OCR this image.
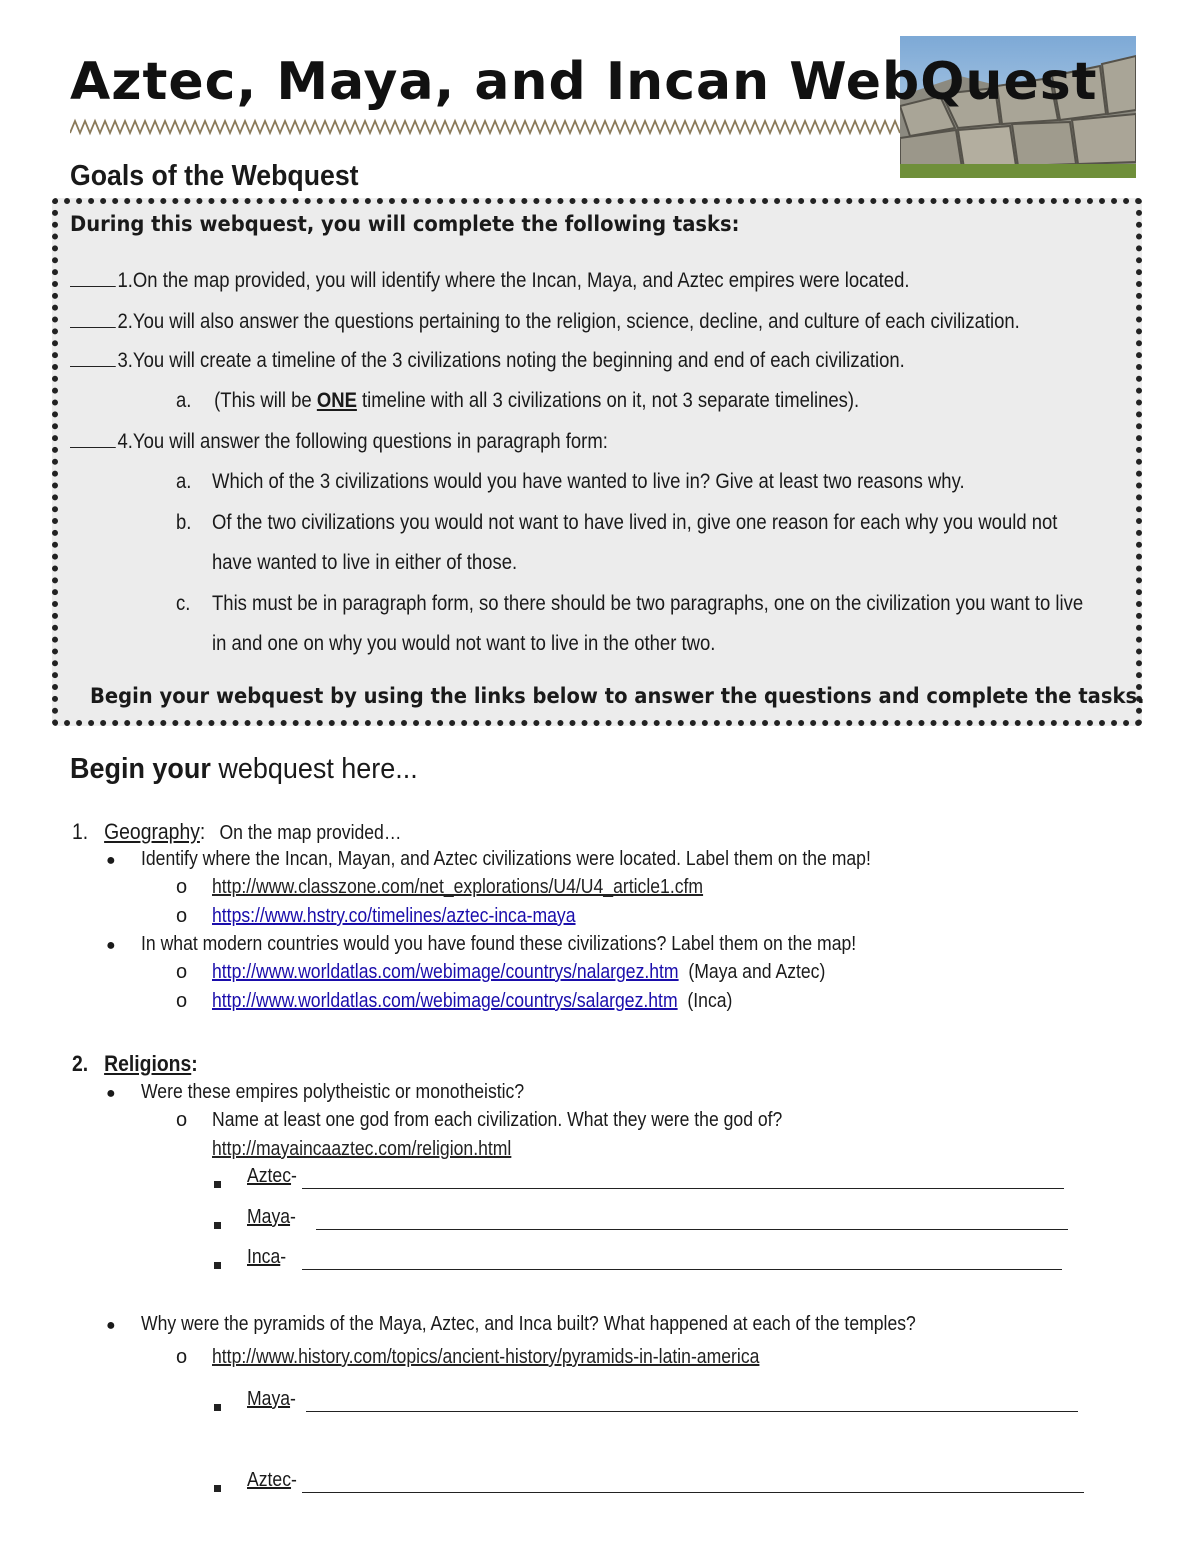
Aztec, Maya, and Incan WebQuest
Goals of the Webquest
During this webquest, you will complete the following tasks:
1.On the map provided, you will identify where the Incan, Maya, and Aztec empires were located.
2.You will also answer the questions pertaining to the religion, science, decline, and culture of each civilization.
3.You will create a timeline of the 3 civilizations noting the beginning and end of each civilization.
a. (This will be ONE timeline with all 3 civilizations on it, not 3 separate timelines).
4.You will answer the following questions in paragraph form:
a. Which of the 3 civilizations would you have wanted to live in? Give at least two reasons why.
b. Of the two civilizations you would not want to have lived in, give one reason for each why you would not
have wanted to live in either of those.
c. This must be in paragraph form, so there should be two paragraphs, one on the civilization you want to live
in and one on why you would not want to live in the other two.
Begin your webquest by using the links below to answer the questions and complete the tasks.
Begin your webquest here...
1. Geography: On the map provided…
● Identify where the Incan, Mayan, and Aztec civilizations were located. Label them on the map!
o http://www.classzone.com/net_explorations/U4/U4_article1.cfm
o https://www.hstry.co/timelines/aztec-inca-maya
● In what modern countries would you have found these civilizations? Label them on the map!
o http://www.worldatlas.com/webimage/countrys/nalargez.htm (Maya and Aztec)
o http://www.worldatlas.com/webimage/countrys/salargez.htm (Inca)
2. Religions:
● Were these empires polytheistic or monotheistic?
o Name at least one god from each civilization. What they were the god of?
http://mayaincaaztec.com/religion.html
Aztec-
Maya-
Inca-
● Why were the pyramids of the Maya, Aztec, and Inca built? What happened at each of the temples?
o http://www.history.com/topics/ancient-history/pyramids-in-latin-america
Maya-
Aztec-
